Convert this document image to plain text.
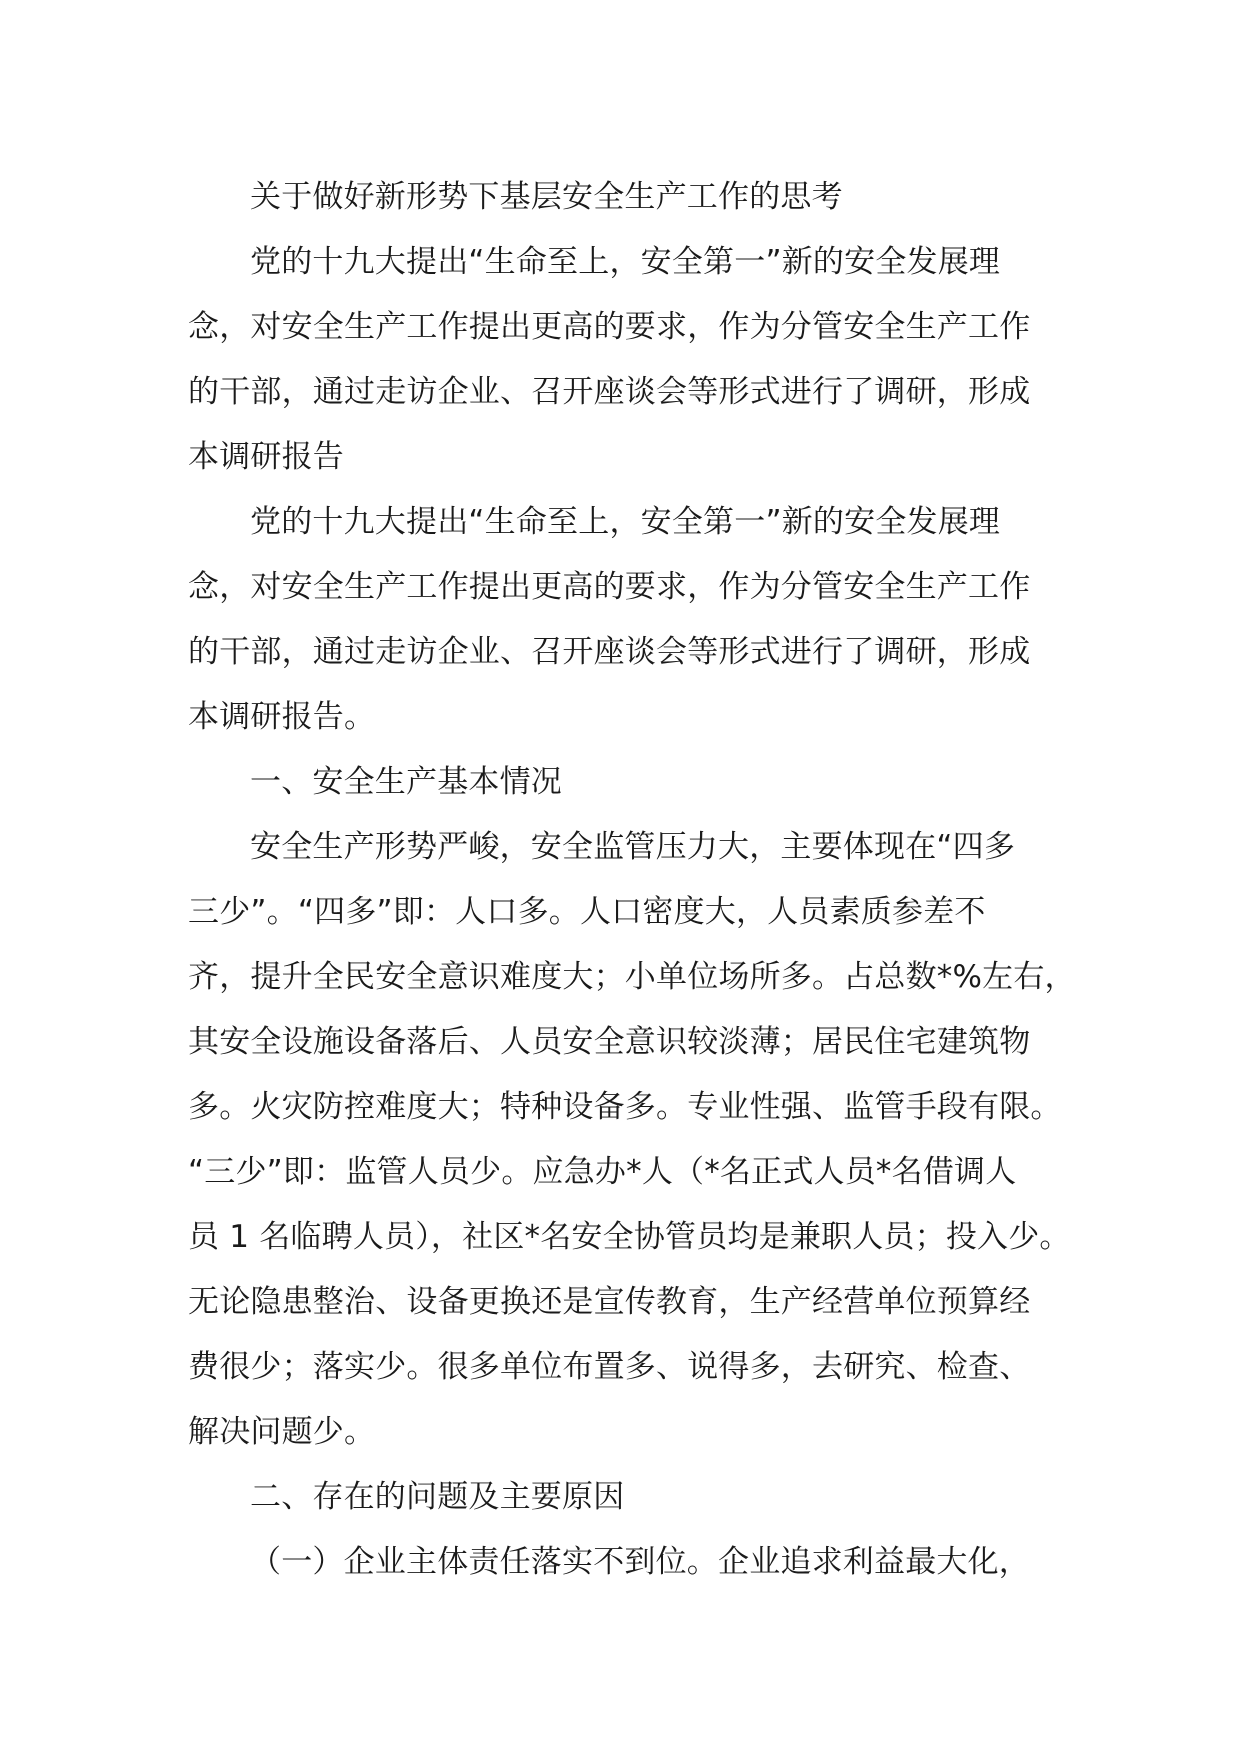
关于做好新形势下基层安全生产工作的思考
党的十九大提出“生命至上，安全第一”新的安全发展理
念，对安全生产工作提出更高的要求，作为分管安全生产工作
的干部，通过走访企业、召开座谈会等形式进行了调研，形成
本调研报告
党的十九大提出“生命至上，安全第一”新的安全发展理
念，对安全生产工作提出更高的要求，作为分管安全生产工作
的干部，通过走访企业、召开座谈会等形式进行了调研，形成
本调研报告。
一、安全生产基本情况
安全生产形势严峻，安全监管压力大，主要体现在“四多
三少”。“四多”即：人口多。人口密度大，人员素质参差不
齐，提升全民安全意识难度大；小单位场所多。占总数*%左右，
其安全设施设备落后、人员安全意识较淡薄；居民住宅建筑物
多。火灾防控难度大；特种设备多。专业性强、监管手段有限。
“三少”即：监管人员少。应急办*人（*名正式人员*名借调人
员 1 名临聘人员），社区*名安全协管员均是兼职人员；投入少。
无论隐患整治、设备更换还是宣传教育，生产经营单位预算经
费很少；落实少。很多单位布置多、说得多，去研究、检查、
解决问题少。
二、存在的问题及主要原因
（一）企业主体责任落实不到位。企业追求利益最大化，
